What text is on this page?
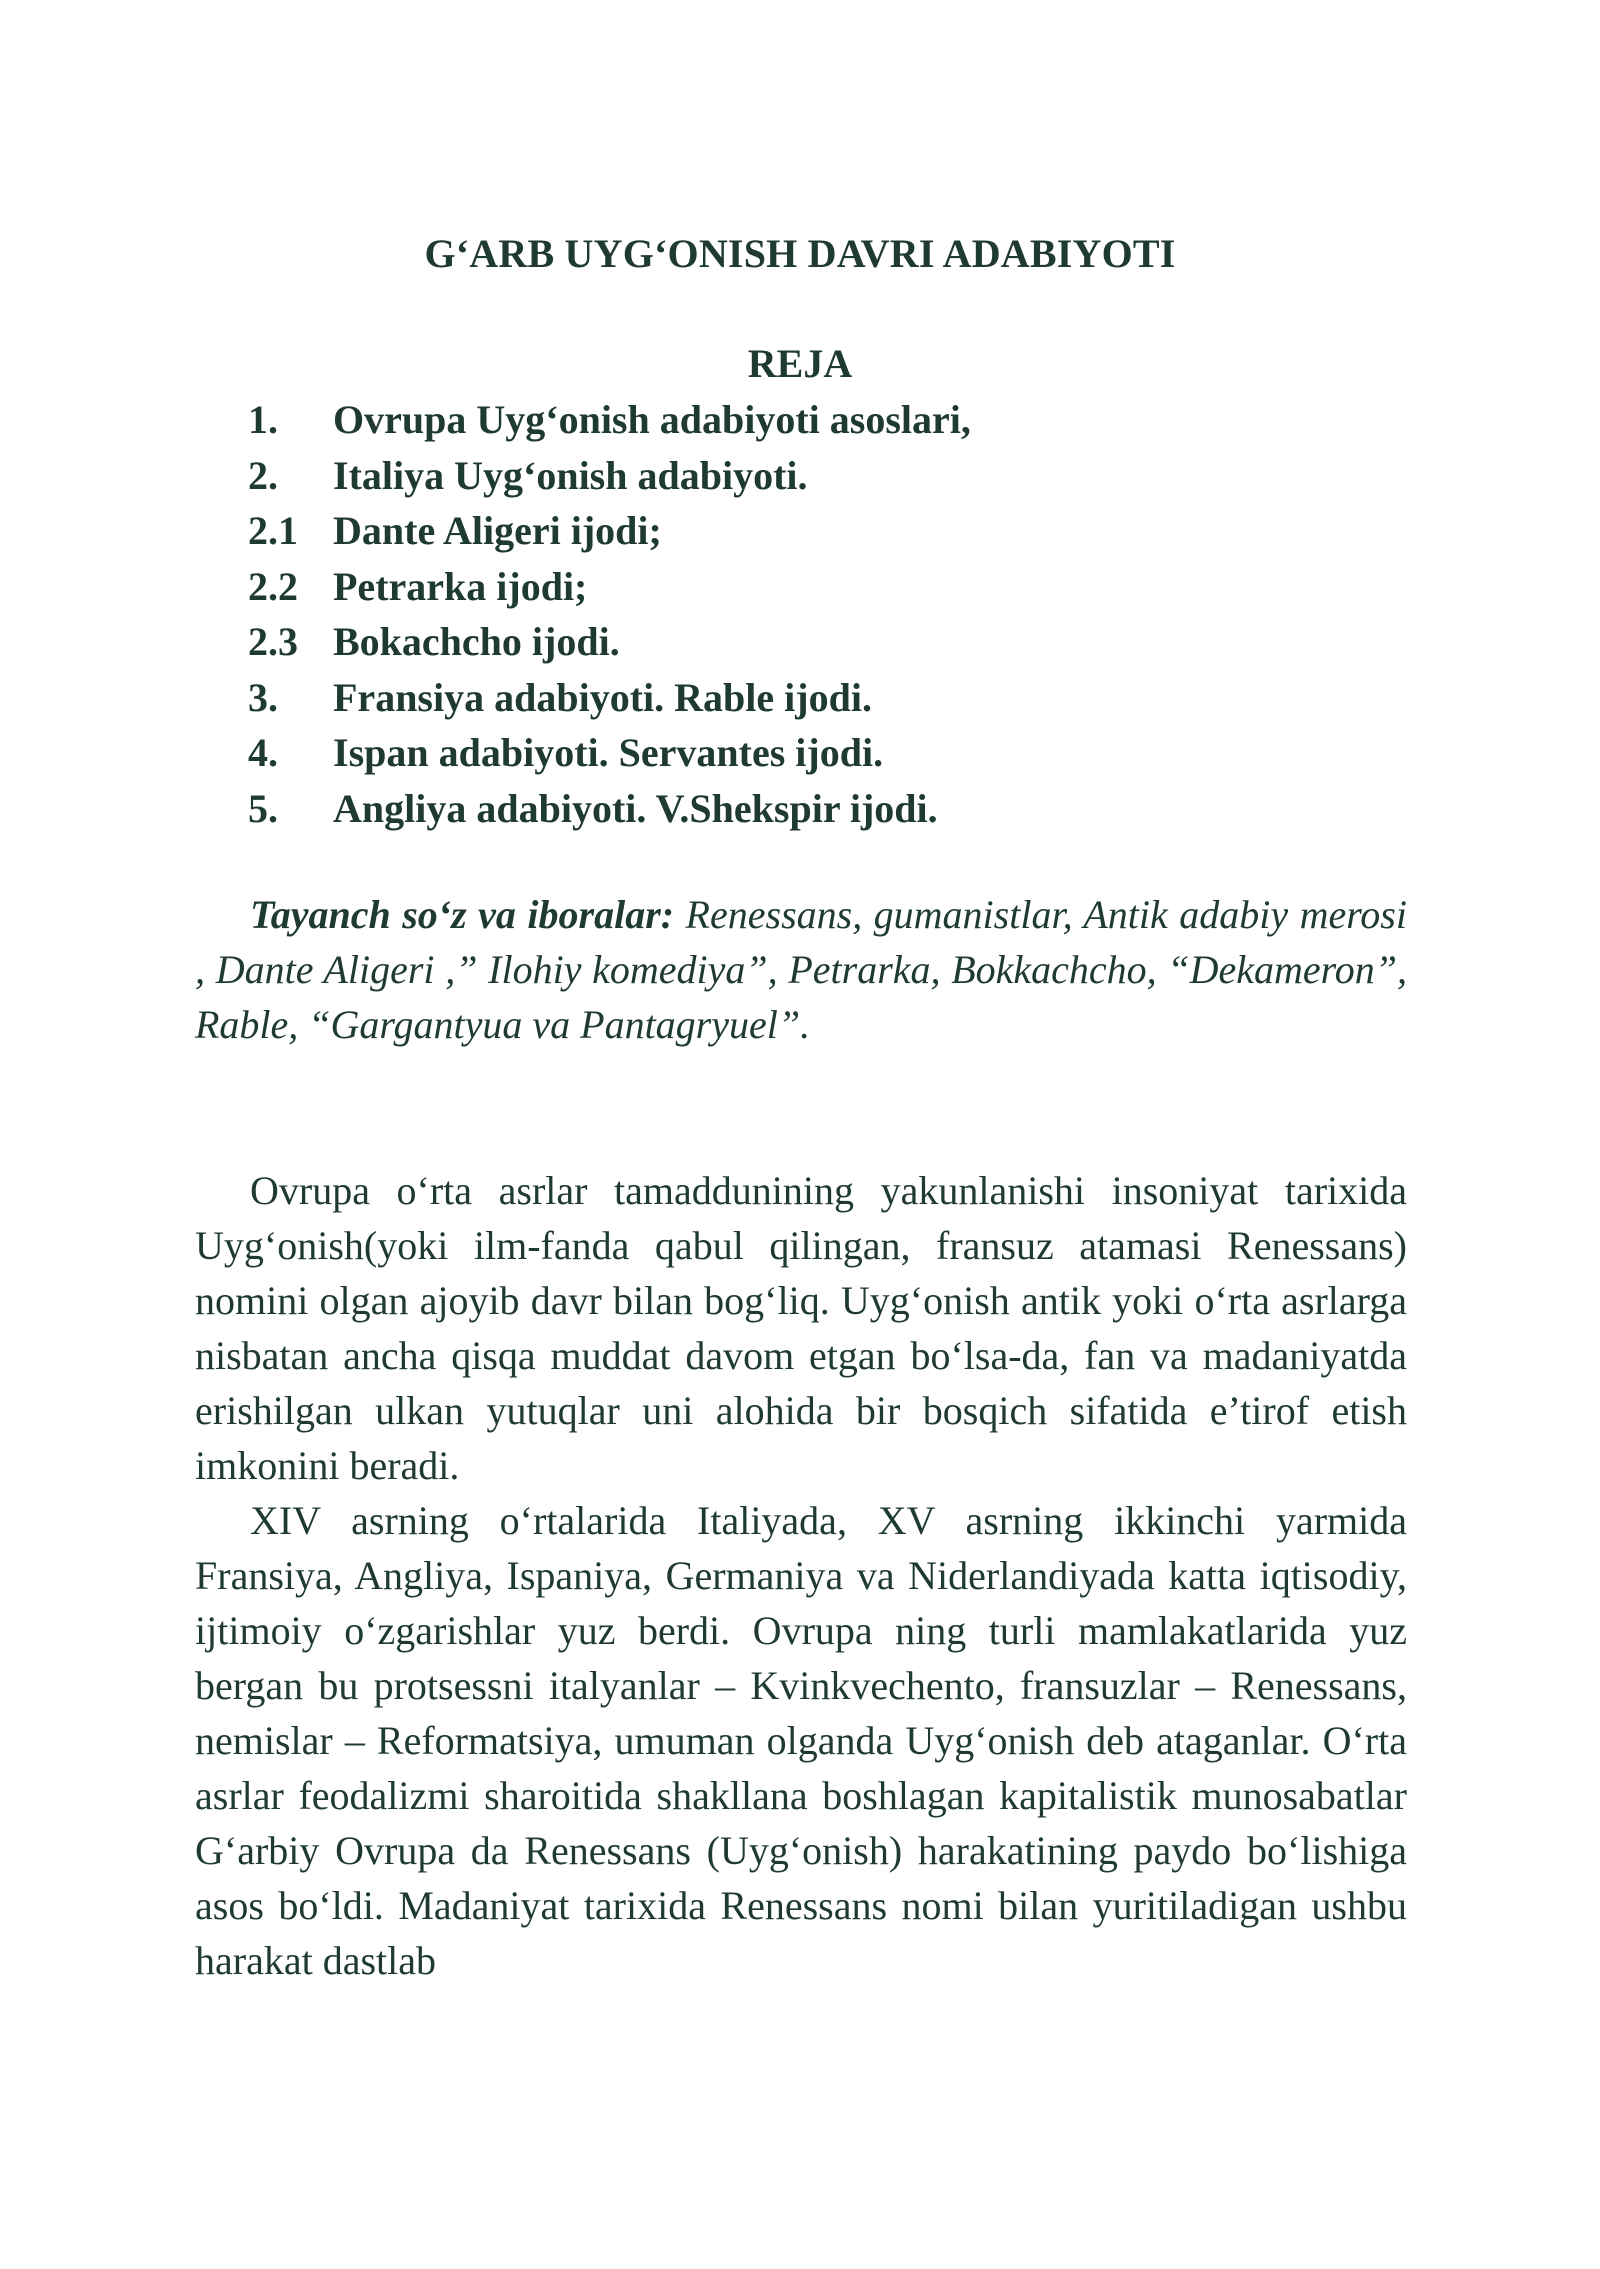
G‘ARB UYG‘ONISH DAVRI ADABIYOTI
REJA
1.	Ovrupa Uyg‘onish adabiyoti asoslari,
2.	Italiya Uyg‘onish adabiyoti.
2.1 Dante Aligeri ijodi;
2.2 Petrarka ijodi;
2.3 Bokachcho ijodi.
3.	Fransiya adabiyoti. Rable ijodi.
4.	Ispan adabiyoti. Servantes ijodi.
5.	Angliya adabiyoti. V.Shekspir ijodi.

Tayanch so‘z va iboralar: Renessans, gumanistlar, Antik adabiy merosi , Dante Aligeri ,” Ilohiy komediya”, Petrarka, Bokkachcho, “Dekameron”, Rable, “Gargantyua va Pantagryuel”.

Ovrupa o‘rta asrlar tamaddunining yakunlanishi insoniyat tarixida Uyg‘onish(yoki ilm-fanda qabul qilingan, fransuz atamasi Renessans) nomini olgan ajoyib davr bilan bog‘liq. Uyg‘onish antik yoki o‘rta asrlarga nisbatan ancha qisqa muddat davom etgan bo‘lsa-da, fan va madaniyatda erishilgan ulkan yutuqlar uni alohida bir bosqich sifatida e’tirof etish imkonini beradi.

XIV asrning o‘rtalarida Italiyada, XV asrning ikkinchi yarmida Fransiya, Angliya, Ispaniya, Germaniya va Niderlandiyada katta iqtisodiy, ijtimoiy o‘zgarishlar yuz berdi. Ovrupa ning turli mamlakatlarida yuz bergan bu protsessni italyanlar – Kvinkvechento, fransuzlar – Renessans, nemislar – Reformatsiya, umuman olganda Uyg‘onish deb ataganlar. O‘rta asrlar feodalizmi sharoitida shakllana boshlagan kapitalistik munosabatlar G‘arbiy Ovrupa da Renessans (Uyg‘onish) harakatining paydo bo‘lishiga asos bo‘ldi. Madaniyat tarixida Renessans nomi bilan yuritiladigan ushbu harakat dastlab
